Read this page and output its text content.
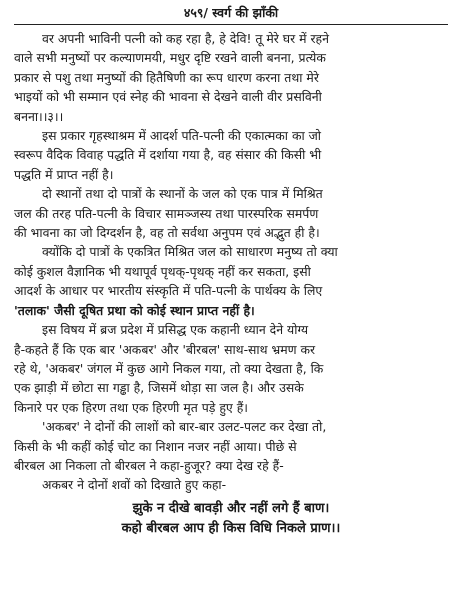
४५९/ स्वर्ग की झाँकी
वर अपनी भाविनी पत्नी को कह रहा है, हे देवि! तू मेरे घर में रहने
वाले सभी मनुष्यों पर कल्याणमयी, मधुर दृष्टि रखने वाली बनना, प्रत्येक
प्रकार से पशु तथा मनुष्यों की हितैषिणी का रूप धारण करना तथा मेरे
भाइयों को भी सम्मान एवं स्नेह की भावना से देखने वाली वीर प्रसविनी
बनना।।३।।
इस प्रकार गृहस्थाश्रम में आदर्श पति-पत्नी की एकात्मका का जो
स्वरूप वैदिक विवाह पद्धति में दर्शाया गया है, वह संसार की किसी भी
पद्धति में प्राप्त नहीं है।
दो स्थानों तथा दो पात्रों के स्थानों के जल को एक पात्र में मिश्रित
जल की तरह पति-पत्नी के विचार सामञ्जस्य तथा पारस्परिक समर्पण
की भावना का जो दिग्दर्शन है, वह तो सर्वथा अनुपम एवं अद्भुत ही है।
क्योंकि दो पात्रों के एकत्रित मिश्रित जल को साधारण मनुष्य तो क्या
कोई कुशल वैज्ञानिक भी यथापूर्व पृथक्-पृथक् नहीं कर सकता, इसी
आदर्श के आधार पर भारतीय संस्कृति में पति-पत्नी के पार्थक्य के लिए
'तलाक' जैसी दूषित प्रथा को कोई स्थान प्राप्त नहीं है।
इस विषय में ब्रज प्रदेश में प्रसिद्ध एक कहानी ध्यान देने योग्य
है-कहते हैं कि एक बार 'अकबर' और 'बीरबल' साथ-साथ भ्रमण कर
रहे थे, 'अकबर' जंगल में कुछ आगे निकल गया, तो क्या देखता है, कि
एक झाड़ी में छोटा सा गड्ढा है, जिसमें थोड़ा सा जल है। और उसके
किनारे पर एक हिरण तथा एक हिरणी मृत पड़े हुए हैं।
'अकबर' ने दोनों की लाशों को बार-बार उलट-पलट कर देखा तो,
किसी के भी कहीं कोई चोट का निशान नजर नहीं आया। पीछे से
बीरबल आ निकला तो बीरबल ने कहा-हुजूर? क्या देख रहे हैं-
अकबर ने दोनों शवों को दिखाते हुए कहा-
झुके न दीखे बावड़ी और नहीं लगे हैं बाण।
कहो बीरबल आप ही किस विधि निकले प्राण।।
